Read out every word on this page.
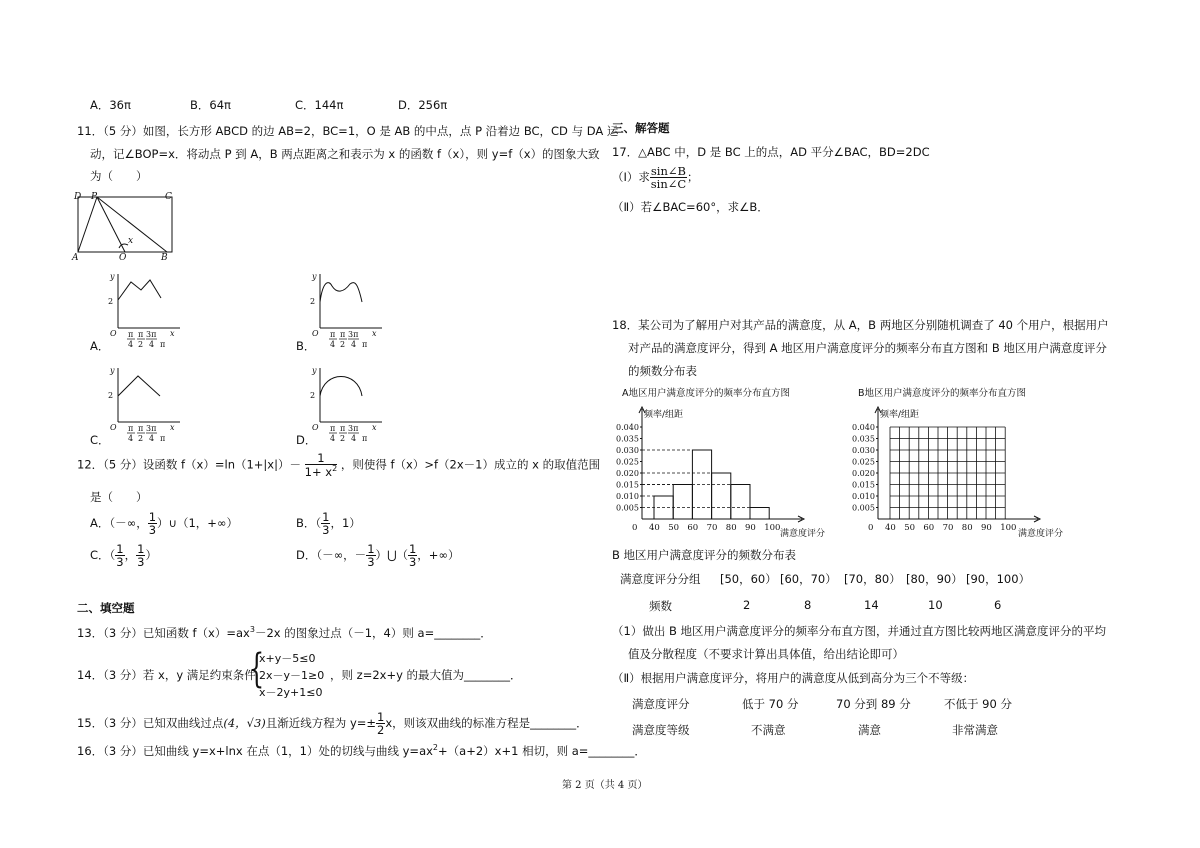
A．36π	B．64π	C．144π	D．256π
11．（5 分）如图，长方形 ABCD 的边 AB=2，BC=1，O 是 AB 的中点，点 P 沿着边 BC，CD 与 DA 运
动，记∠BOP=x．将动点 P 到 A，B 两点距离之和表示为 x 的函数 f（x），则 y=f（x）的图象大致
为（　　）
D P	C
A	O	B
x
y
2
O π
4
π
2
3π
4 π
x
A．
y
2
O π
4
π
2
3π
4 π
x
B．
y
2
O π
4
π
2
3π
4 π
x
C．
y
2
O π
4
π
2
3π
4 π
x
D．
12．（5 分）设函数 $f(x)=\ln(1+|x|)- \frac{1}{1+ x^2}$ ，则使得 f（x）>f（2x－1）成立的 x 的取值范围
是（　　）
A．（－∞， $\frac{1}{3}$ ）∪（1，+∞）	B．（ $\frac{1}{3}$ ，1）
C．（ $\frac{1}{3}$ ， $\frac{1}{3}$ ）	D．（－∞，－ $\frac{1}{3}$ ）⋃（ $\frac{1}{3}$ ，+∞）
二、填空题
13．（3 分）已知函数 $f(x)=ax^3-2x$ 的图象过点（－1，4）则 a=________．
14．（3 分）若 x，y 满足约束条件
{
x+y－5≤0
2x－y－1≥0
x－2y+1≤0
，则 z=2x+y 的最大值为________．
15．（3 分）已知双曲线过点(4，√3)且渐近线方程为 $y=\pm \frac{1}{2}$ x，则该双曲线的标准方程是________．
16．（3 分）已知曲线 y=x+lnx 在点（1，1）处的切线与曲线 $y=ax^2+(a+2)x+1$ 相切，则 a=________．
三、解答题
17．△ABC 中，D 是 BC 上的点，AD 平分∠BAC，BD=2DC
（Ⅰ）求 $\frac{\sin\angle B}{\sin\angle C}$ ；
（Ⅱ）若∠BAC=60°，求∠B．
18．某公司为了解用户对其产品的满意度，从 A，B 两地区分别随机调查了 40 个用户，根据用户
对产品的满意度评分，得到 A 地区用户满意度评分的频率分布直方图和 B 地区用户满意度评分
的频数分布表
A地区用户满意度评分的频率分布直方图
频率/组距
满意度评分
0
0.005
0.010
0.015
0.020
0.025
0.030
0.035
0.040
40 50 60 70 80 90 100
B地区用户满意度评分的频率分布直方图
频率/组距
满意度评分
0
0.005
0.010
0.015
0.020
0.025
0.030
0.035
0.040
40 50 60 70 80 90 100
B 地区用户满意度评分的频数分布表
满意度评分分组 [50，60） [60，70） [70，80） [80，90） [90，100）
频数	2	8	14	10	6
（1）做出 B 地区用户满意度评分的频率分布直方图，并通过直方图比较两地区满意度评分的平均
值及分散程度（不要求计算出具体值，给出结论即可）
（Ⅱ）根据用户满意度评分，将用户的满意度从低到高分为三个不等级：
满意度评分	低于 70 分	70 分到 89 分	不低于 90 分
满意度等级	不满意	满意	非常满意
第 2 页（共 4 页）
